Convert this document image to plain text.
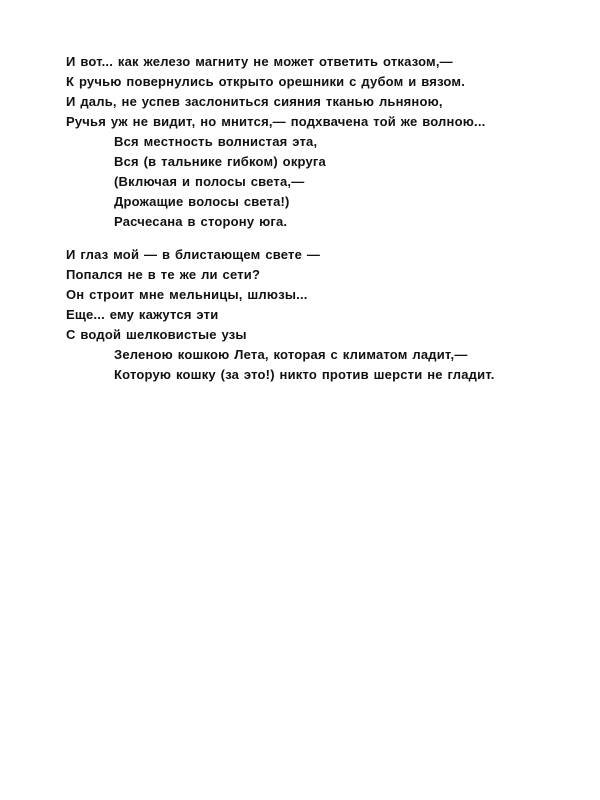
И вот... как железо магниту не может ответить отказом,—
К ручью повернулись открыто орешники с дубом и вязом.
И даль, не успев заслониться сияния тканью льняною,
Ручья уж не видит, но мнится,— подхвачена той же волною...
Вся местность волнистая эта,
Вся (в тальнике гибком) округа
(Включая и полосы света,—
Дрожащие волосы света!)
Расчесана в сторону юга.
И глаз мой — в блистающем свете —
Попался не в те же ли сети?
Он строит мне мельницы, шлюзы...
Еще... ему кажутся эти
С водой шелковистые узы
Зеленою кошкою Лета, которая с климатом ладит,—
Которую кошку (за это!) никто против шерсти не гладит.
